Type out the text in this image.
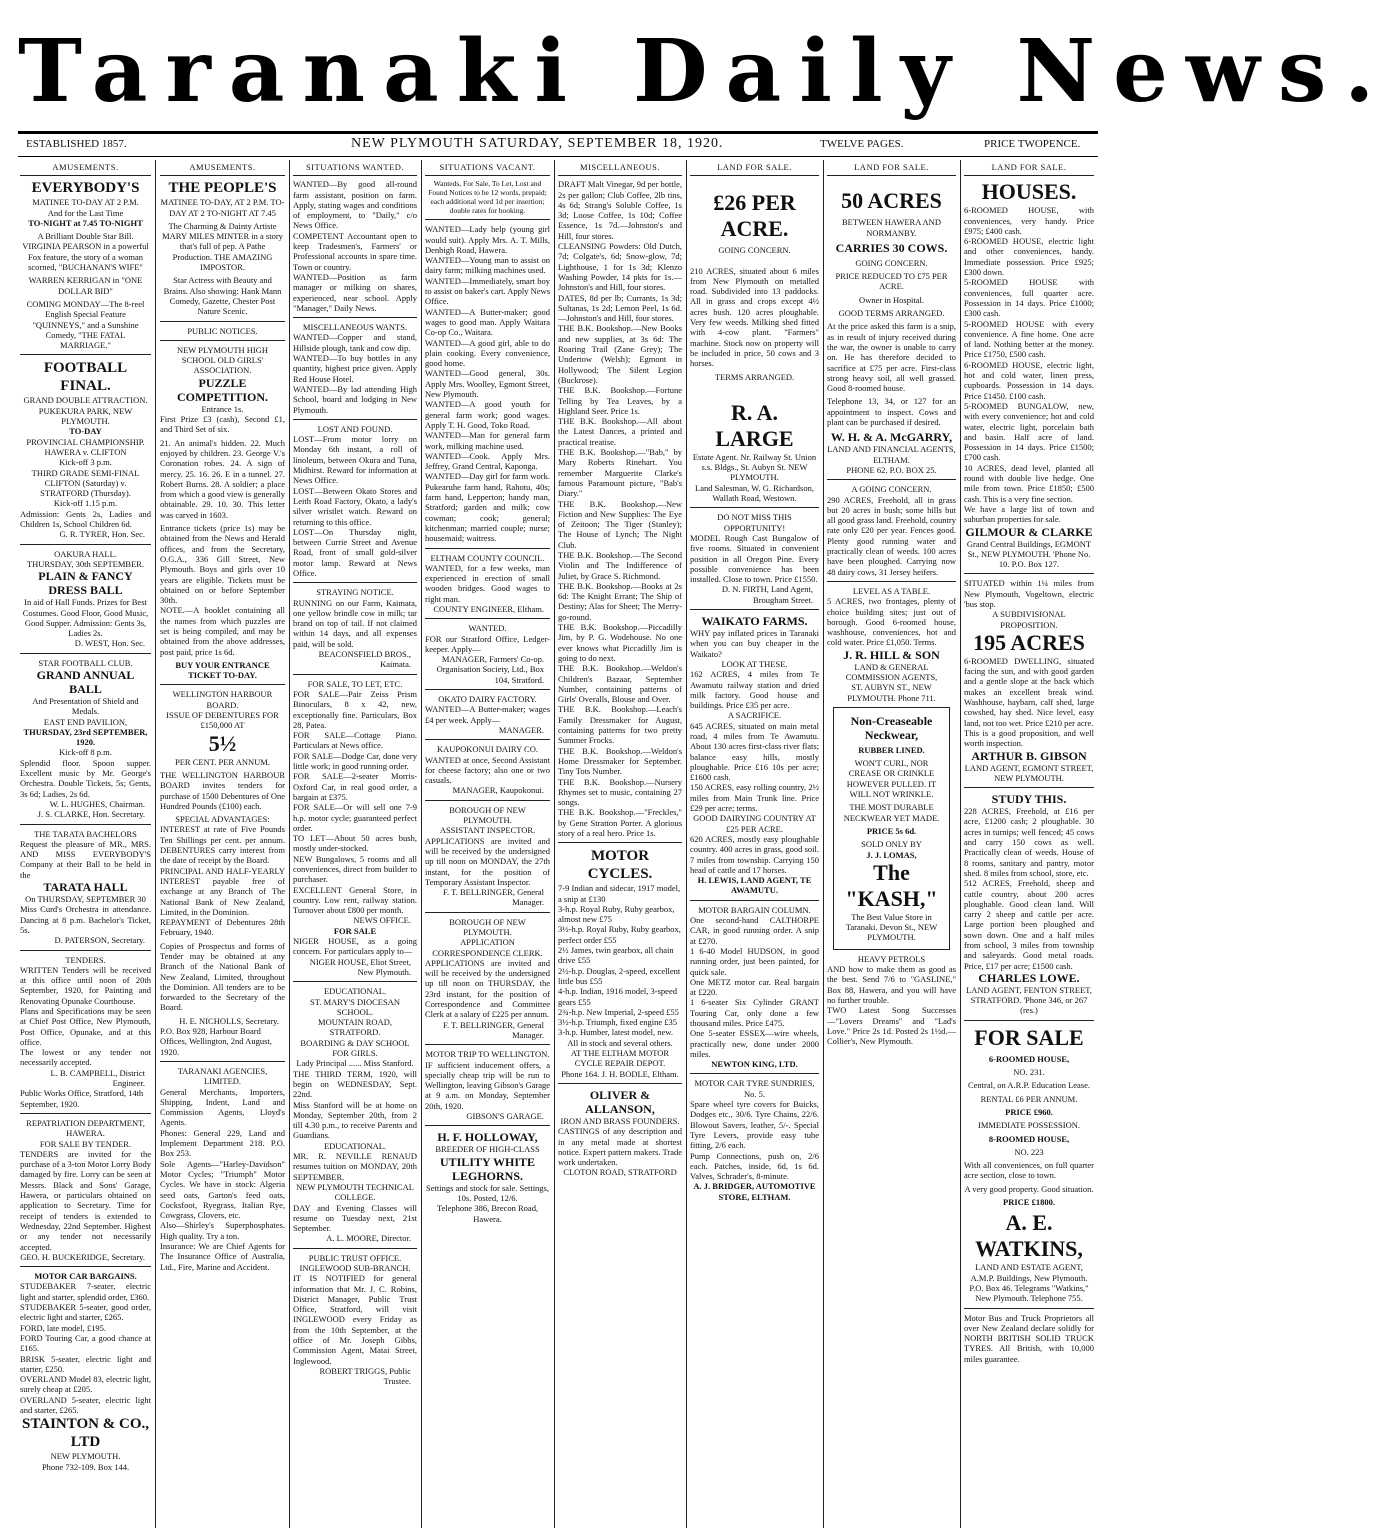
Taranaki Daily News.
ESTABLISHED 1857.	NEW PLYMOUTH SATURDAY, SEPTEMBER 18, 1920.	TWELVE PAGES.	PRICE TWOPENCE.
AMUSEMENTS.
EVERYBODY'S
MATINEE TO-DAY AT 2 P.M.
And for the Last Time
TO-NIGHT at 7.45 TO-NIGHT
A Brilliant Double Star Bill. VIRGINIA PEARSON in a powerful Fox feature, the story of a woman scorned, "BUCHANAN'S WIFE"
WARREN KERRIGAN in "ONE DOLLAR BID"
COMING MONDAY—The 8-reel English Special Feature "QUINNEYS," and a Sunshine Comedy, "THE FATAL MARRIAGE."
FOOTBALL FINAL.
GRAND DOUBLE ATTRACTION.
PUKEKURA PARK, NEW PLYMOUTH.
TO-DAY
PROVINCIAL CHAMPIONSHIP.
HAWERA v. CLIFTON
Kick-off 3 p.m.
THIRD GRADE SEMI-FINAL
CLIFTON (Saturday) v. STRATFORD (Thursday).
Kick-off 1.15 p.m.
Admission: Gents 2s, Ladies and Children 1s, School Children 6d.
G. R. TYRER, Hon. Sec.
OAKURA HALL.
THURSDAY, 30th SEPTEMBER.
PLAIN & FANCY DRESS BALL
In aid of Hall Funds. Prizes for Best Costumes. Good Floor, Good Music, Good Supper. Admission: Gents 3s, Ladies 2s.
D. WEST, Hon. Sec.
STAR FOOTBALL CLUB.
GRAND ANNUAL BALL
And Presentation of Shield and Medals.
EAST END PAVILION,
THURSDAY, 23rd SEPTEMBER, 1920.
Kick-off 8 p.m.
Splendid floor. Spoon supper. Excellent music by Mr. George's Orchestra. Double Tickets, 5s; Gents, 3s 6d; Ladies, 2s 6d.
W. L. HUGHES, Chairman.
J. S. CLARKE, Hon. Secretary.
THE TARATA BACHELORS
Request the pleasure of MR., MRS. AND MISS EVERYBODY'S Company at their Ball to be held in the
TARATA HALL
On THURSDAY, SEPTEMBER 30
Miss Curd's Orchestra in attendance. Dancing at 8 p.m. Bachelor's Ticket, 5s.
D. PATERSON, Secretary.
TENDERS.
WRITTEN Tenders will be received at this office until noon of 20th September, 1920, for Painting and Renovating Opunake Courthouse.
Plans and Specifications may be seen at Chief Post Office, New Plymouth, Post Office, Opunake, and at this office.
The lowest or any tender not necessarily accepted.
L. B. CAMPBELL, District Engineer.
Public Works Office, Stratford, 14th September, 1920.
REPATRIATION DEPARTMENT, HAWERA.
FOR SALE BY TENDER.
TENDERS are invited for the purchase of a 3-ton Motor Lorry Body damaged by fire. Lorry can be seen at Messrs. Black and Sons' Garage, Hawera, or particulars obtained on application to Secretary. Time for receipt of tenders is extended to Wednesday, 22nd September. Highest or any tender not necessarily accepted.
GEO. H. BUCKERIDGE, Secretary.
MOTOR CAR BARGAINS.
STUDEBAKER 7-seater, electric light and starter, splendid order, £360.
STUDEBAKER 5-seater, good order, electric light and starter, £265.
FORD, late model, £195.
FORD Touring Car, a good chance at £165.
BRISK 5-seater, electric light and starter, £250.
OVERLAND Model 83, electric light, surely cheap at £205.
OVERLAND 5-seater, electric light and starter, £265.
STAINTON & CO., LTD
NEW PLYMOUTH.
Phone 732-109. Box 144.
AMUSEMENTS.
THE PEOPLE'S
MATINEE TO-DAY, AT 2 P.M. TO-DAY AT 2 TO-NIGHT AT 7.45
The Charming & Dainty Artiste MARY MILES MINTER in a story that's full of pep. A Pathe Production. THE AMAZING IMPOSTOR.
Star Actress with Beauty and Brains. Also showing: Hank Mann Comedy, Gazette, Chester Post Nature Scenic.
PUBLIC NOTICES.
NEW PLYMOUTH HIGH SCHOOL OLD GIRLS' ASSOCIATION.
PUZZLE COMPETITION.
Entrance 1s.
First Prize £3 (cash), Second £1, and Third Set of six.
21. An animal's hidden. 22. Much enjoyed by children. 23. George V.'s Coronation robes. 24. A sign of mercy. 25. 16. 26. E in a tunnel. 27. Robert Burns. 28. A soldier; a place from which a good view is generally obtainable. 29. 10. 30. This letter was carved in 1603.
Entrance tickets (price 1s) may be obtained from the News and Herald offices, and from the Secretary, O.G.A., 336 Gill Street, New Plymouth. Boys and girls over 10 years are eligible. Tickets must be obtained on or before September 30th.
NOTE.—A booklet containing all the names from which puzzles are set is being compiled, and may be obtained from the above addresses, post paid, price 1s 6d.
BUY YOUR ENTRANCE TICKET TO-DAY.
WELLINGTON HARBOUR BOARD.
ISSUE OF DEBENTURES FOR £150,000 AT
5½
PER CENT. PER ANNUM.
THE WELLINGTON HARBOUR BOARD invites tenders for purchase of 1500 Debentures of One Hundred Pounds (£100) each.
SPECIAL ADVANTAGES:
INTEREST at rate of Five Pounds Ten Shillings per cent. per annum. DEBENTURES carry interest from the date of receipt by the Board.
PRINCIPAL AND HALF-YEARLY INTEREST payable free of exchange at any Branch of The National Bank of New Zealand, Limited, in the Dominion.
REPAYMENT of Debentures 28th February, 1940.
Copies of Prospectus and forms of Tender may be obtained at any Branch of the National Bank of New Zealand, Limited, throughout the Dominion. All tenders are to be forwarded to the Secretary of the Board.
H. E. NICHOLLS, Secretary.
P.O. Box 928, Harbour Board Offices, Wellington, 2nd August, 1920.
TARANAKI AGENCIES, LIMITED.
General Merchants, Importers, Shipping, Indent, Land and Commission Agents, Lloyd's Agents.
Phones: General 229, Land and Implement Department 218. P.O. Box 253.
Sole Agents—"Harley-Davidson" Motor Cycles; "Triumph" Motor Cycles. We have in stock: Algeria seed oats, Garton's feed oats, Cocksfoot, Ryegrass, Italian Rye, Cowgrass, Clovers, etc.
Also—Shirley's Superphosphates. High quality. Try a ton.
Insurance: We are Chief Agents for The Insurance Office of Australia, Ltd., Fire, Marine and Accident.
SITUATIONS WANTED.
WANTED—By good all-round farm assistant, position on farm. Apply, stating wages and conditions of employment, to "Daily," c/o News Office.
COMPETENT Accountant open to keep Tradesmen's, Farmers' or Professional accounts in spare time. Town or country.
WANTED—Position as farm manager or milking on shares, experienced, near school. Apply "Manager," Daily News.
MISCELLANEOUS WANTS.
WANTED—Copper and stand, Hillside plough, tank and cow dip.
WANTED—To buy bottles in any quantity, highest price given. Apply Red House Hotel.
WANTED—By lad attending High School, board and lodging in New Plymouth.
LOST AND FOUND.
LOST—From motor lorry on Monday 6th instant, a roll of linoleum, between Okura and Tuna, Midhirst. Reward for information at News Office.
LOST—Between Okato Stores and Leith Road Factory, Okato, a lady's silver wristlet watch. Reward on returning to this office.
LOST—On Thursday night, between Currie Street and Avenue Road, front of small gold-silver motor lamp. Reward at News Office.
STRAYING NOTICE.
RUNNING on our Farm, Kaimata, one yellow brindle cow in milk; tar brand on top of tail. If not claimed within 14 days, and all expenses paid, will be sold.
BEACONSFIELD BROS., Kaimata.
FOR SALE, TO LET, ETC.
FOR SALE—Pair Zeiss Prism Binoculars, 8 x 42, new, exceptionally fine. Particulars, Box 28, Patea.
FOR SALE—Cottage Piano. Particulars at News office.
FOR SALE—Dodge Car, done very little work; in good running order.
FOR SALE—2-seater Morris-Oxford Car, in real good order, a bargain at £375.
FOR SALE—Or will sell one 7-9 h.p. motor cycle; guaranteed perfect order.
TO LET—About 50 acres bush, mostly under-stocked.
NEW Bungalows, 5 rooms and all conveniences, direct from builder to purchaser.
EXCELLENT General Store, in country. Low rent, railway station. Turnover about £800 per month.
NEWS OFFICE.
FOR SALE
NIGER HOUSE, as a going concern. For particulars apply to—
NIGER HOUSE, Eliot Street, New Plymouth.
EDUCATIONAL.
ST. MARY'S DIOCESAN SCHOOL.
MOUNTAIN ROAD, STRATFORD.
BOARDING & DAY SCHOOL FOR GIRLS.
Lady Principal ...... Miss Stanford.
THE THIRD TERM, 1920, will begin on WEDNESDAY, Sept. 22nd.
Miss Stanford will be at home on Monday, September 20th, from 2 till 4.30 p.m., to receive Parents and Guardians.
EDUCATIONAL.
MR. R. NEVILLE RENAUD resumes tuition on MONDAY, 20th SEPTEMBER.
NEW PLYMOUTH TECHNICAL COLLEGE.
DAY and Evening Classes will resume on Tuesday next, 21st September.
A. L. MOORE, Director.
PUBLIC TRUST OFFICE.
INGLEWOOD SUB-BRANCH.
IT IS NOTIFIED for general information that Mr. J. C. Robins, District Manager, Public Trust Office, Stratford, will visit INGLEWOOD every Friday as from the 10th September, at the office of Mr. Joseph Gibbs, Commission Agent, Matai Street, Inglewood.
ROBERT TRIGGS, Public Trustee.
SITUATIONS VACANT.
Wanteds, For Sale, To Let, Lost and Found Notices to be 12 words, prepaid; each additional word 1d per insertion; double rates for booking.
WANTED—Lady help (young girl would suit). Apply Mrs. A. T. Mills, Denbigh Road, Hawera.
WANTED—Young man to assist on dairy farm; milking machines used.
WANTED—Immediately, smart boy to assist on baker's cart. Apply News Office.
WANTED—A Butter-maker; good wages to good man. Apply Waitara Co-op Co., Waitara.
WANTED—A good girl, able to do plain cooking. Every convenience, good home.
WANTED—Good general, 30s. Apply Mrs. Woolley, Egmont Street, New Plymouth.
WANTED—A good youth for general farm work; good wages. Apply T. H. Good, Toko Road.
WANTED—Man for general farm work, milking machine used.
WANTED—Cook. Apply Mrs. Jeffrey, Grand Central, Kaponga.
WANTED—Day girl for farm work. Pukearuhe farm hand, Rahotu, 40s; farm hand, Lepperton; handy man, Stratford; garden and milk; cow cowman; cook; general; kitchenman; married couple; nurse; housemaid; waitress.
ELTHAM COUNTY COUNCIL.
WANTED, for a few weeks, man experienced in erection of small wooden bridges. Good wages to right man.
COUNTY ENGINEER, Eltham.
WANTED.
FOR our Stratford Office, Ledger-keeper. Apply—
MANAGER, Farmers' Co-op. Organisation Society, Ltd., Box 104, Stratford.
OKATO DAIRY FACTORY.
WANTED—A Butter-maker; wages £4 per week. Apply—
MANAGER.
KAUPOKONUI DAIRY CO.
WANTED at once, Second Assistant for cheese factory; also one or two casuals.
MANAGER, Kaupokonui.
BOROUGH OF NEW PLYMOUTH.
ASSISTANT INSPECTOR.
APPLICATIONS are invited and will be received by the undersigned up till noon on MONDAY, the 27th instant, for the position of Temporary Assistant Inspector.
F. T. BELLRINGER, General Manager.
BOROUGH OF NEW PLYMOUTH.
APPLICATION CORRESPONDENCE CLERK.
APPLICATIONS are invited and will be received by the undersigned up till noon on THURSDAY, the 23rd instant, for the position of Correspondence and Committee Clerk at a salary of £225 per annum.
F. T. BELLRINGER, General Manager.
MOTOR TRIP TO WELLINGTON.
IF sufficient inducement offers, a specially cheap trip will be run to Wellington, leaving Gibson's Garage at 9 a.m. on Monday, September 20th, 1920.
GIBSON'S GARAGE.
H. F. HOLLOWAY,
BREEDER OF HIGH-CLASS
UTILITY WHITE LEGHORNS.
Settings and stock for sale. Settings, 10s. Posted, 12/6.
Telephone 386, Brecon Road, Hawera.
MISCELLANEOUS.
DRAFT Malt Vinegar, 9d per bottle, 2s per gallon; Club Coffee, 2lb tins, 4s 6d; Strang's Soluble Coffee, 1s 3d; Loose Coffee, 1s 10d; Coffee Essence, 1s 7d.—Johnston's and Hill, four stores.
CLEANSING Powders: Old Dutch, 7d; Colgate's, 6d; Snow-glow, 7d; Lighthouse, 1 for 1s 3d; Klenzo Washing Powder, 14 pkts for 1s.—Johnston's and Hill, four stores.
DATES, 8d per lb; Currants, 1s 3d; Sultanas, 1s 2d; Lemon Peel, 1s 6d.—Johnston's and Hill, four stores.
THE B.K. Bookshop.—New Books and new supplies, at 3s 6d: The Roaring Trail (Zane Grey); The Undertow (Welsh); Egmont in Hollywood; The Silent Legion (Buckrose).
THE B.K. Bookshop.—Fortune Telling by Tea Leaves, by a Highland Seer. Price 1s.
THE B.K. Bookshop.—All about the Latest Dances, a printed and practical treatise.
THE B.K. Bookshop.—"Bab," by Mary Roberts Rinehart. You remember Marguerite Clarke's famous Paramount picture, "Bab's Diary."
THE B.K. Bookshop.—New Fiction and New Supplies: The Eye of Zeitoon; The Tiger (Stanley); The House of Lynch; The Night Club.
THE B.K. Bookshop.—The Second Violin and The Indifference of Juliet, by Grace S. Richmond.
THE B.K. Bookshop.—Books at 2s 6d: The Knight Errant; The Ship of Destiny; Alas for Sheet; The Merry-go-round.
THE B.K. Bookshop.—Piccadilly Jim, by P. G. Wodehouse. No one ever knows what Piccadilly Jim is going to do next.
THE B.K. Bookshop.—Weldon's Children's Bazaar, September Number, containing patterns of Girls' Overalls, Blouse and Over.
THE B.K. Bookshop.—Leach's Family Dressmaker for August, containing patterns for two pretty Summer Frocks.
THE B.K. Bookshop.—Weldon's Home Dressmaker for September. Tiny Tots Number.
THE B.K. Bookshop.—Nursery Rhymes set to music, containing 27 songs.
THE B.K. Bookshop.—"Freckles," by Gene Stratton Porter. A glorious story of a real hero. Price 1s.
MOTOR CYCLES.
7-9 Indian and sidecar, 1917 model, a snip at £130
3-h.p. Royal Ruby, Ruby gearbox, almost new £75
3½-h.p. Royal Ruby, Ruby gearbox, perfect order £55
2½ James, twin gearbox, all chain drive £55
2½-h.p. Douglas, 2-speed, excellent little bus £55
4-h.p. Indian, 1916 model, 3-speed gears £55
2¾-h.p. New Imperial, 2-speed £55
3½-h.p. Triumph, fixed engine £35
3-h.p. Humber, latest model, new.
All in stock and several others.
AT THE ELTHAM MOTOR CYCLE REPAIR DEPOT.
Phone 164. J. H. BODLE, Eltham.
OLIVER & ALLANSON,
IRON AND BRASS FOUNDERS.
CASTINGS of any description and in any metal made at shortest notice. Expert pattern makers. Trade work undertaken.
CLOTON ROAD, STRATFORD
LAND FOR SALE.
£26 PER ACRE.
GOING CONCERN.
210 ACRES, situated about 6 miles from New Plymouth on metalled road. Subdivided into 13 paddocks. All in grass and crops except 4½ acres bush. 120 acres ploughable. Very few weeds. Milking shed fitted with 4-cow plant. "Farmers" machine. Stock now on property will be included in price, 50 cows and 3 horses.
TERMS ARRANGED.
R. A. LARGE
Estate Agent. Nr. Railway St. Union s.s. Bldgs., St. Aubyn St. NEW PLYMOUTH.
Land Salesman, W. G. Richardson, Wallath Road, Westown.
DO NOT MISS THIS OPPORTUNITY!
MODEL Rough Cast Bungalow of five rooms. Situated in convenient position in all Oregon Pine. Every possible convenience has been installed. Close to town. Price £1550.
D. N. FIRTH, Land Agent, Brougham Street.
WAIKATO FARMS.
WHY pay inflated prices in Taranaki when you can buy cheaper in the Waikato?
LOOK AT THESE.
162 ACRES, 4 miles from Te Awamutu railway station and dried milk factory. Good house and buildings. Price £35 per acre.
A SACRIFICE.
645 ACRES, situated on main metal road, 4 miles from Te Awamutu. About 130 acres first-class river flats; balance easy hills, mostly ploughable. Price £16 10s per acre; £1600 cash.
150 ACRES, easy rolling country, 2½ miles from Main Trunk line. Price £29 per acre; terms.
GOOD DAIRYING COUNTRY AT £25 PER ACRE.
620 ACRES, mostly easy ploughable country. 400 acres in grass, good soil. 7 miles from township. Carrying 150 head of cattle and 17 horses.
H. LEWIS, LAND AGENT, TE AWAMUTU.
MOTOR BARGAIN COLUMN.
One second-hand CALTHORPE CAR, in good running order. A snip at £270.
1 6-40 Model HUDSON, in good running order, just been painted, for quick sale.
One METZ motor car. Real bargain at £220.
1 6-seater Six Cylinder GRANT Touring Car, only done a few thousand miles. Price £475.
One 5-seater ESSEX—wire wheels, practically new, done under 2000 miles.
NEWTON KING, LTD.
MOTOR CAR TYRE SUNDRIES, No. 5.
Spare wheel tyre covers for Buicks, Dodges etc., 30/6. Tyre Chains, 22/6. Blowout Savers, leather, 5/-. Special Tyre Levers, provide easy tube fitting, 2/6 each.
Pump Connections, push on, 2/6 each. Patches, inside, 6d, 1s 6d. Valves, Schrader's, 8-minute.
A. J. BRIDGER, AUTOMOTIVE STORE, ELTHAM.
LAND FOR SALE.
50 ACRES
BETWEEN HAWERA AND NORMANBY.
CARRIES 30 COWS.
GOING CONCERN.
PRICE REDUCED TO £75 PER ACRE.
Owner in Hospital.
GOOD TERMS ARRANGED.
At the price asked this farm is a snip, as in result of injury received during the war, the owner is unable to carry on. He has therefore decided to sacrifice at £75 per acre. First-class strong heavy soil, all well grassed. Good 8-roomed house.
Telephone 13, 34, or 127 for an appointment to inspect. Cows and plant can be purchased if desired.
W. H. & A. McGARRY,
LAND AND FINANCIAL AGENTS,
ELTHAM.
PHONE 62. P.O. BOX 25.
A GOING CONCERN.
290 ACRES, Freehold, all in grass but 20 acres in bush; some hills but all good grass land. Freehold, country rate only £20 per year. Fences good. Plenty good running water and practically clean of weeds. 100 acres have been ploughed. Carrying now 48 dairy cows, 31 Jersey heifers.
LEVEL AS A TABLE.
5 ACRES, two frontages, plenty of choice building sites; just out of borough. Good 6-roomed house, washhouse, conveniences, hot and cold water. Price £1,050. Terms.
J. R. HILL & SON
LAND & GENERAL COMMISSION AGENTS,
ST. AUBYN ST., NEW PLYMOUTH. Phone 711.
Non-Creaseable
Neckwear,
RUBBER LINED.
WON'T CURL, NOR CREASE OR CRINKLE HOWEVER PULLED. IT WILL NOT WRINKLE.
THE MOST DURABLE NECKWEAR YET MADE.
PRICE 5s 6d.
SOLD ONLY BY
J. J. LOMAS,
The "KASH,"
The Best Value Store in Taranaki. Devon St., NEW PLYMOUTH.
HEAVY PETROLS
AND how to make them as good as the best. Send 7/6 to "GASLINE," Box 88, Hawera, and you will have no further trouble.
TWO Latest Song Successes—"Lovers Dreams" and "Lad's Love." Price 2s 1d. Posted 2s 1½d.—Collier's, New Plymouth.
LAND FOR SALE.
HOUSES.
6-ROOMED HOUSE, with conveniences, very handy. Price £975; £400 cash.
6-ROOMED HOUSE, electric light and other conveniences, handy. Immediate possession. Price £925; £300 down.
5-ROOMED HOUSE with conveniences, full quarter acre. Possession in 14 days. Price £1000; £300 cash.
5-ROOMED HOUSE with every convenience. A fine home. One acre of land. Nothing better at the money. Price £1750, £500 cash.
6-ROOMED HOUSE, electric light, hot and cold water, linen press, cupboards. Possession in 14 days. Price £1450. £100 cash.
5-ROOMED BUNGALOW, new, with every convenience; hot and cold water, electric light, porcelain bath and basin. Half acre of land. Possession in 14 days. Price £1500; £700 cash.
10 ACRES, dead level, planted all round with double live hedge. One mile from town. Price £1850; £500 cash. This is a very fine section.
We have a large list of town and suburban properties for sale.
GILMOUR & CLARKE
Grand Central Buildings, EGMONT St., NEW PLYMOUTH. 'Phone No. 10. P.O. Box 127.
SITUATED within 1¼ miles from New Plymouth, Vogeltown, electric 'bus stop.
A SUBDIVISIONAL PROPOSITION.
195 ACRES
6-ROOMED DWELLING, situated facing the sun, and with good garden and a gentle slope at the back which makes an excellent break wind. Washhouse, haybarn, calf shed, large cowshed, hay shed. Nice level, easy land, not too wet. Price £210 per acre.
This is a good proposition, and well worth inspection.
ARTHUR B. GIBSON
LAND AGENT, EGMONT STREET, NEW PLYMOUTH.
STUDY THIS.
228 ACRES, Freehold, at £16 per acre, £1200 cash; 2 ploughable. 30 acres in turnips; well fenced; 45 cows and carry 150 cows as well. Practically clean of weeds. House of 8 rooms, sanitary and pantry, motor shed. 8 miles from school, store, etc.
512 ACRES, Freehold, sheep and cattle country, about 200 acres ploughable. Good clean land. Will carry 2 sheep and cattle per acre. Large portion been ploughed and sown down. One and a half miles from school, 3 miles from township and saleyards. Good metal roads. Price, £17 per acre; £1500 cash.
CHARLES LOWE.
LAND AGENT, FENTON STREET, STRATFORD. 'Phone 346, or 267 (res.)
FOR SALE
6-ROOMED HOUSE,
NO. 231.
Central, on A.R.P. Education Lease.
RENTAL £6 PER ANNUM.
PRICE £960.
IMMEDIATE POSSESSION.
8-ROOMED HOUSE,
NO. 223
With all conveniences, on full quarter acre section, close to town.
A very good property. Good situation.
PRICE £1800.
A. E. WATKINS,
LAND AND ESTATE AGENT, A.M.P. Buildings, New Plymouth.
P.O. Box 46. Telegrams "Watkins," New Plymouth. Telephone 755.
Motor Bus and Truck Proprietors all over New Zealand declare solidly for NORTH BRITISH SOLID TRUCK TYRES. All British, with 10,000 miles guarantee.
